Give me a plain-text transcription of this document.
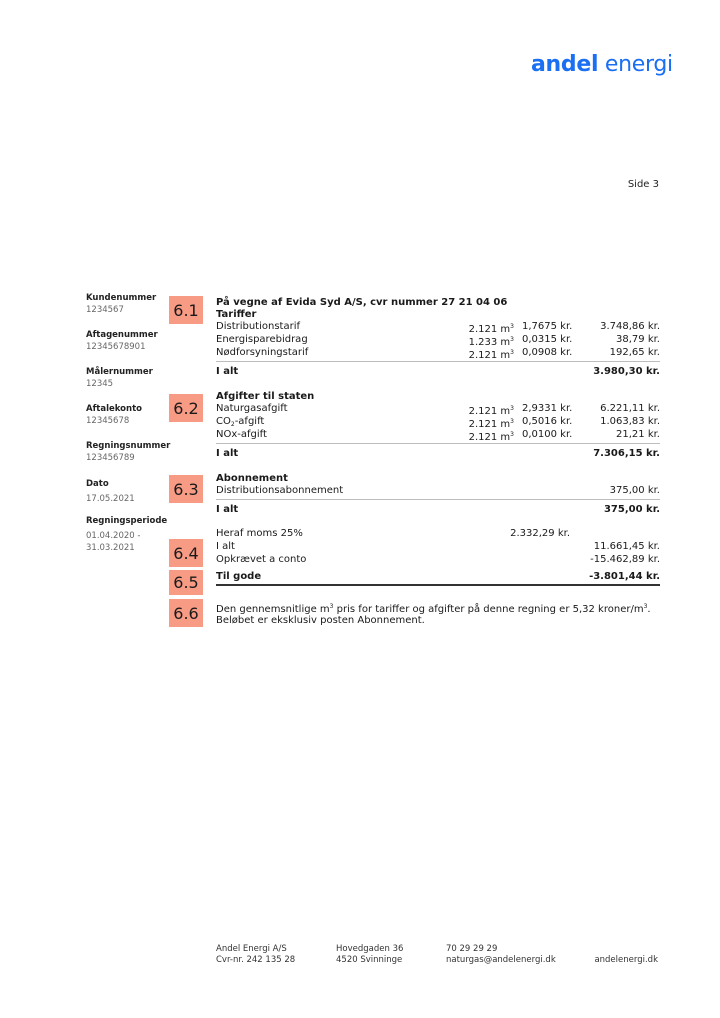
andel energi
Side 3
Kundenummer
1234567
Aftagenummer
12345678901
Målernummer
12345
Aftalekonto
12345678
Regningsnummer
123456789
Dato
17.05.2021
Regningsperiode
01.04.2020 -
31.03.2021
6.1
6.2
6.3
6.4
6.5
6.6
På vegne af Evida Syd A/S, cvr nummer 27 21 04 06
Tariffer
Distributionstarif	2.121 $m^3$ 1,7675 kr.	3.748,86 kr.
Energisparebidrag	1.233 $m^3$ 0,0315 kr.	38,79 kr.
Nødforsyningstarif	2.121 $m^3$ 0,0908 kr.	192,65 kr.
I alt	3.980,30 kr.
Afgifter til staten
Naturgasafgift	2.121 $m^3$ 2,9331 kr.	6.221,11 kr.
$CO_2$-afgift	2.121 $m^3$ 0,5016 kr.	1.063,83 kr.
NOx-afgift	2.121 $m^3$ 0,0100 kr.	21,21 kr.
I alt	7.306,15 kr.
Abonnement
Distributionsabonnement	375,00 kr.
I alt	375,00 kr.
Heraf moms 25%	2.332,29 kr.
I alt	11.661,45 kr.
Opkrævet a conto	-15.462,89 kr.
Til gode	-3.801,44 kr.
Den gennemsnitlige $m^3$ pris for tariffer og afgifter på denne regning er 5,32 kroner/$m^3$.
Beløbet er eksklusiv posten Abonnement.
Andel Energi A/S
Cvr-nr. 242 135 28
Hovedgaden 36
4520 Svinninge
70 29 29 29
naturgas@andelenergi.dk	andelenergi.dk
